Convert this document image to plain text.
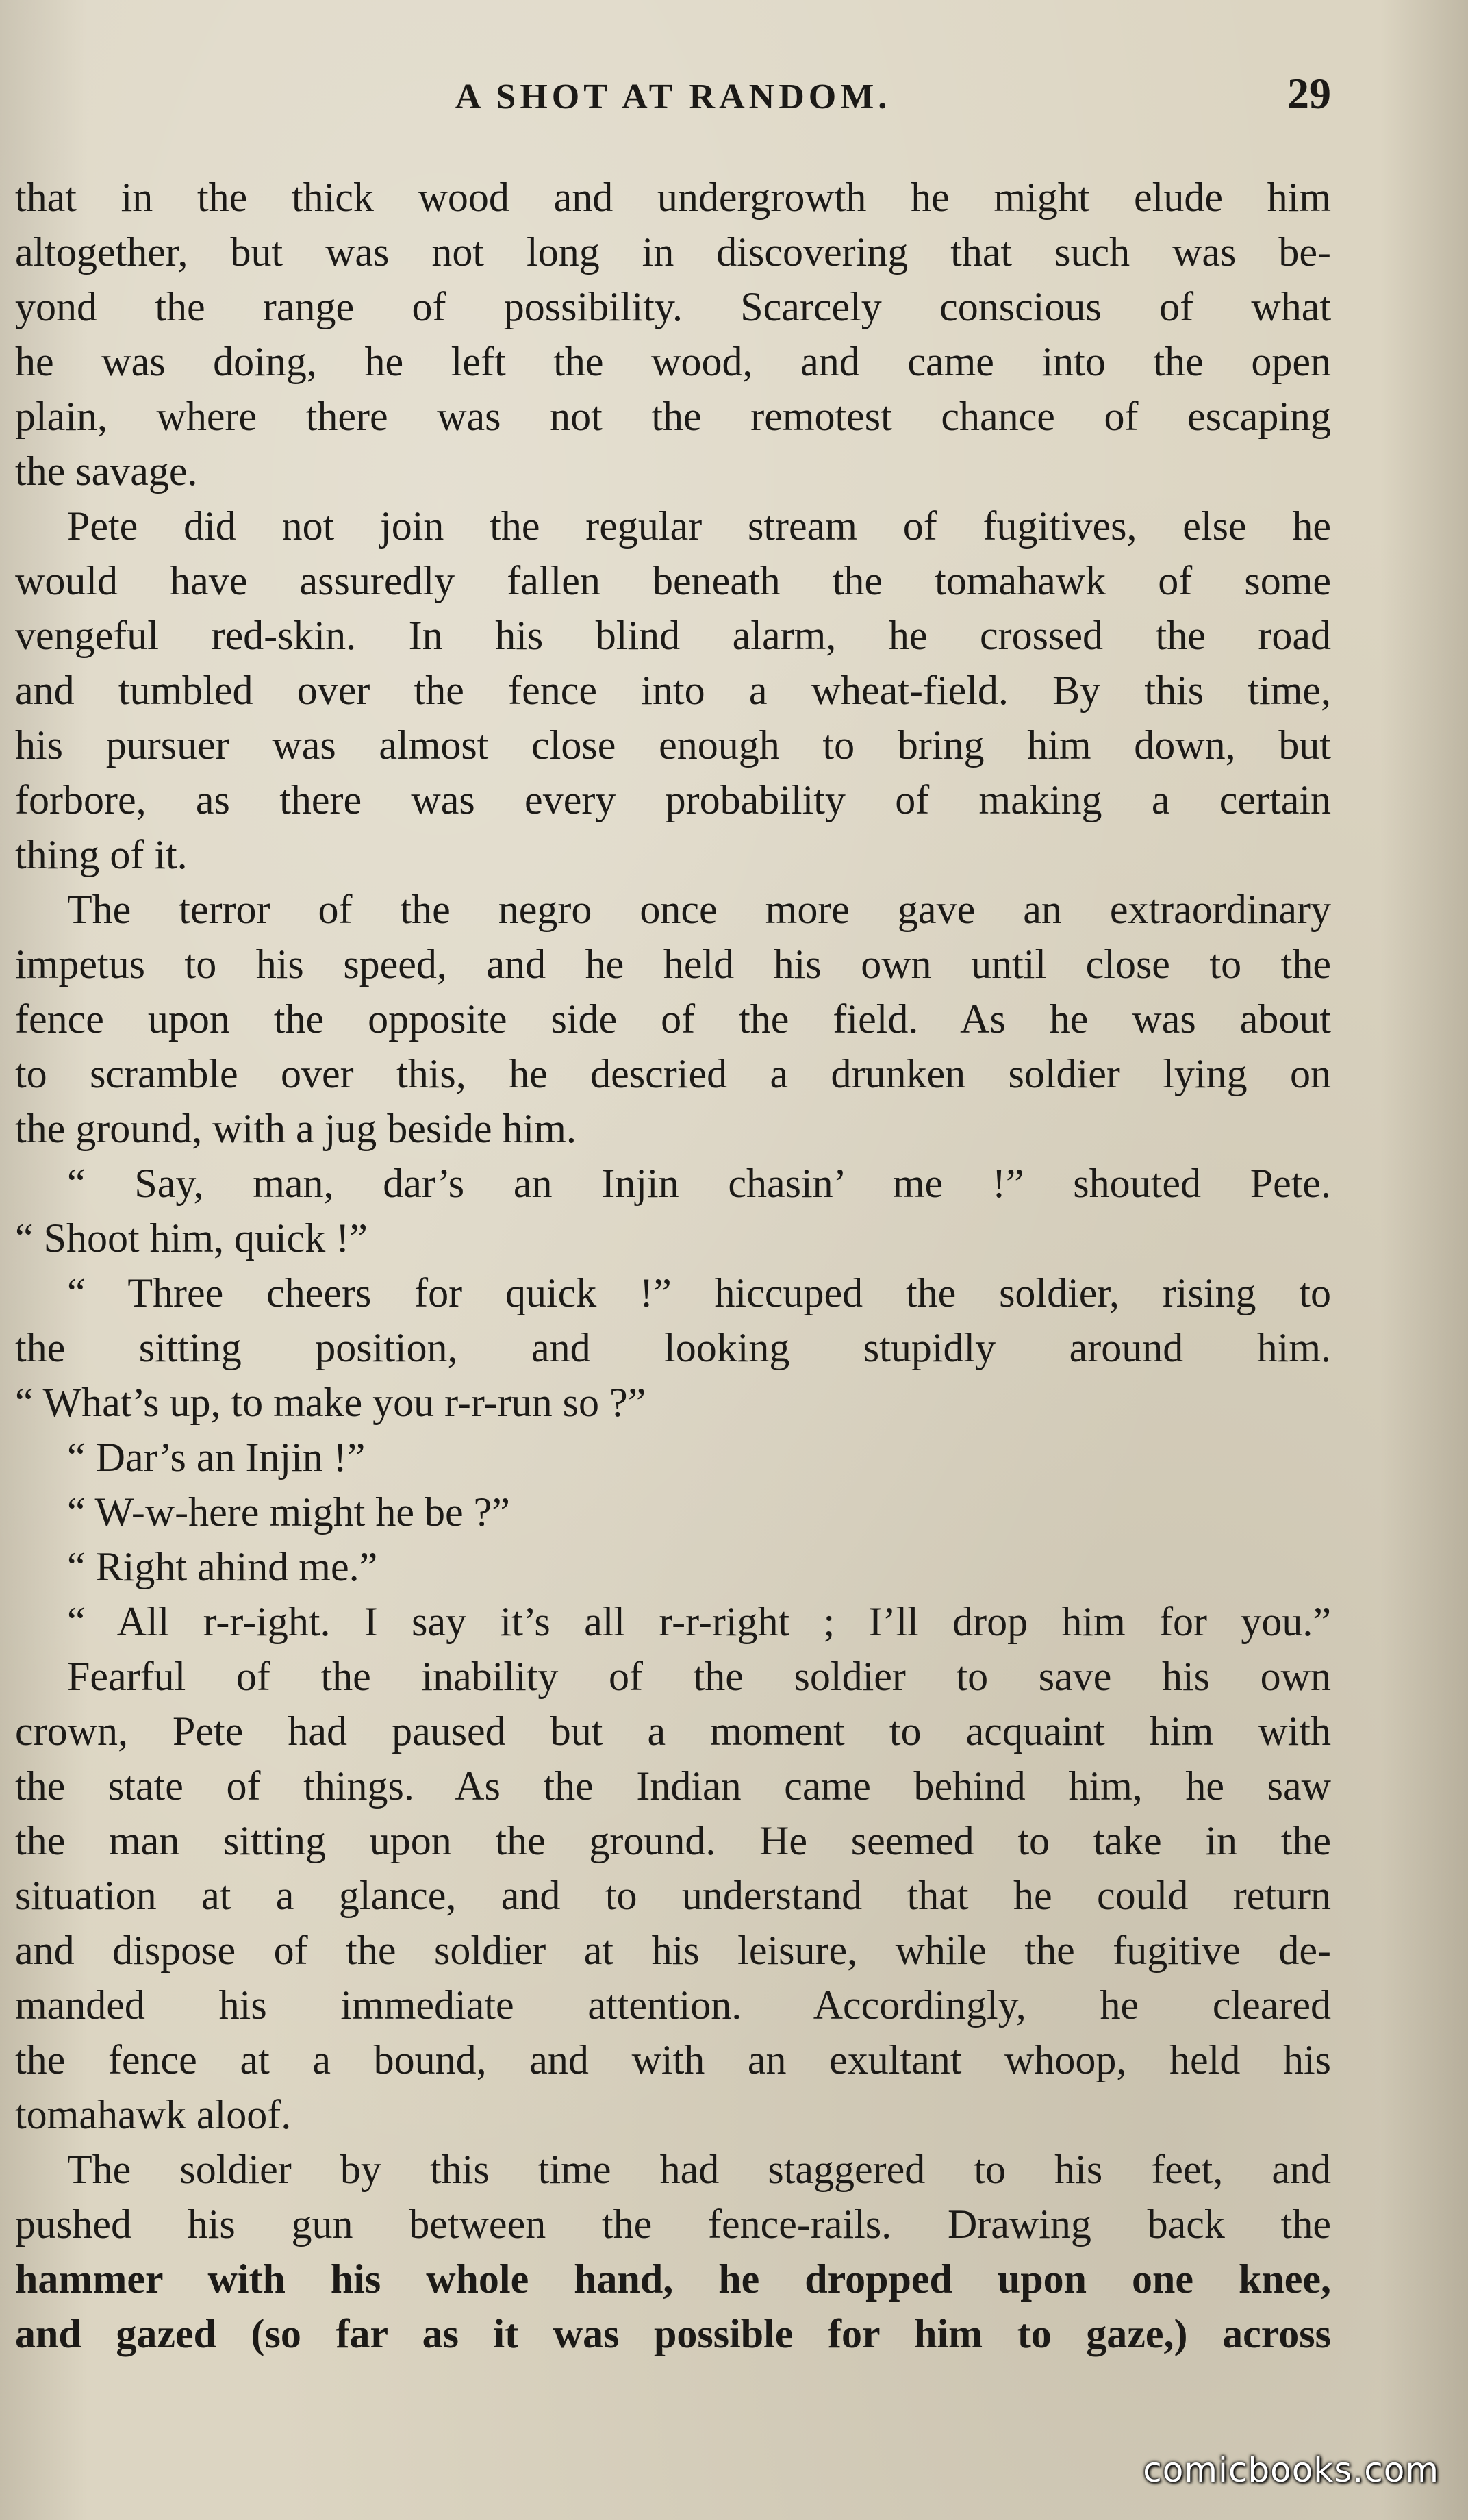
A SHOT AT RANDOM.	29
that in the thick wood and undergrowth he might elude him
altogether, but was not long in discovering that such was be-
yond the range of possibility. Scarcely conscious of what
he was doing, he left the wood, and came into the open
plain, where there was not the remotest chance of escaping
the savage.
Pete did not join the regular stream of fugitives, else he
would have assuredly fallen beneath the tomahawk of some
vengeful red-skin. In his blind alarm, he crossed the road
and tumbled over the fence into a wheat-field. By this time,
his pursuer was almost close enough to bring him down, but
forbore, as there was every probability of making a certain
thing of it.
The terror of the negro once more gave an extraordinary
impetus to his speed, and he held his own until close to the
fence upon the opposite side of the field. As he was about
to scramble over this, he descried a drunken soldier lying on
the ground, with a jug beside him.
“ Say, man, dar’s an Injin chasin’ me !” shouted Pete.
“ Shoot him, quick !”
“ Three cheers for quick !” hiccuped the soldier, rising to
the sitting position, and looking stupidly around him.
“ What’s up, to make you r-r-run so ?”
“ Dar’s an Injin !”
“ W-w-here might he be ?”
“ Right ahind me.”
“ All r-r-ight. I say it’s all r-r-right ; I’ll drop him for you.”
Fearful of the inability of the soldier to save his own
crown, Pete had paused but a moment to acquaint him with
the state of things. As the Indian came behind him, he saw
the man sitting upon the ground. He seemed to take in the
situation at a glance, and to understand that he could return
and dispose of the soldier at his leisure, while the fugitive de-
manded his immediate attention. Accordingly, he cleared
the fence at a bound, and with an exultant whoop, held his
tomahawk aloof.
The soldier by this time had staggered to his feet, and
pushed his gun between the fence-rails. Drawing back the
hammer with his whole hand, he dropped upon one knee,
and gazed (so far as it was possible for him to gaze,) across
comicbooks.com
